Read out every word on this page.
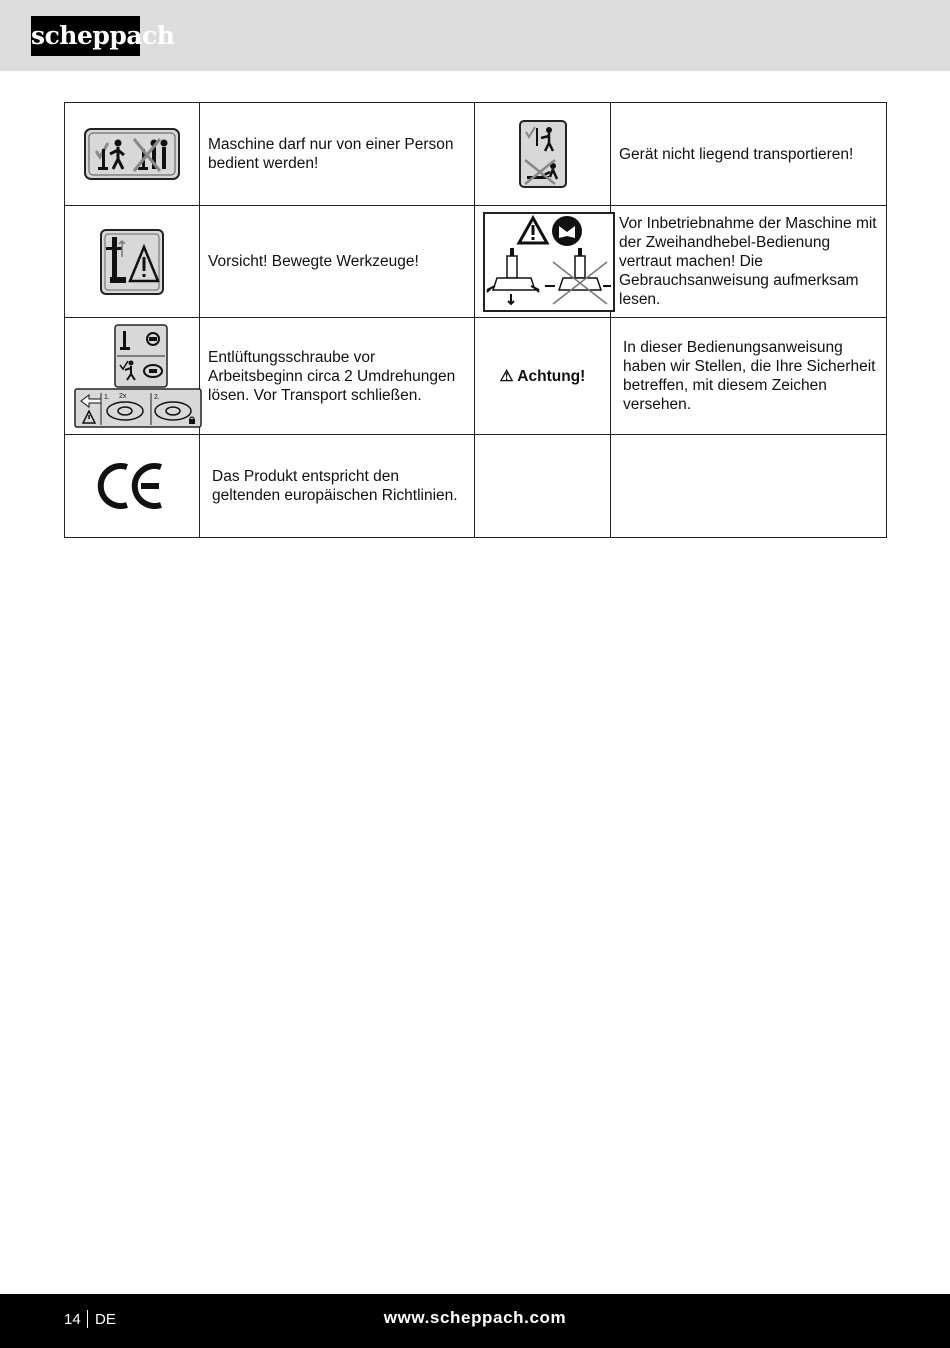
scheppach
	Maschine darf nur von einer Person bedient werden!		Gerät nicht liegend transportieren!

	Vorsicht! Bewegte Werkzeuge!		Vor Inbetriebnahme der Maschine mit der Zweihandhebel-Bedienung vertraut machen! Die Gebrauchsanweisung aufmerksam lesen.

1. 2x 2.	Entlüftungsschraube vor Arbeitsbeginn circa 2 Umdrehungen lösen. Vor Transport schließen.	⚠ Achtung!	In dieser Bedienungsanweisung haben wir Stellen, die Ihre Sicherheit betreffen, mit diesem Zeichen versehen.

	Das Produkt entspricht den geltenden europäischen Richtlinien.		
14 DE	www.scheppach.com
